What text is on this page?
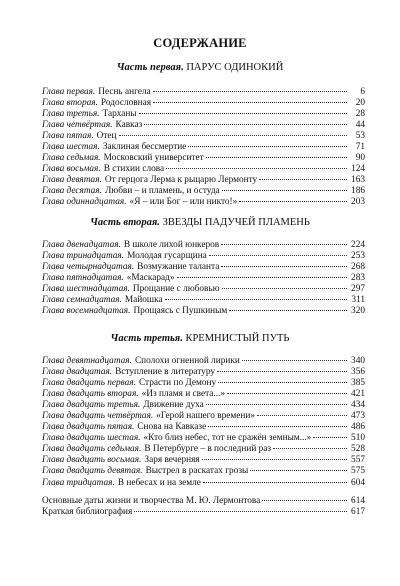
СОДЕРЖАНИЕ
Часть первая. ПАРУС ОДИНОКИЙ
Глава первая. Песнь ангела	6
Глава вторая. Родословная	20
Глава третья. Тарханы	28
Глава четвёртая. Кавказ	44
Глава пятая. Отец	53
Глава шестая. Заклиная бессмертие	71
Глава седьмая. Московский университет	90
Глава восьмая. В стихии слова	124
Глава девятая. От герцога Лерма к рыцарю Лермонту	163
Глава десятая. Любви – и пламень, и остуда	186
Глава одиннадцатая. «Я – или Бог – или никто!»	203
Часть вторая. ЗВЕЗДЫ ПАДУЧЕЙ ПЛАМЕНЬ
Глава двенадцатая. В школе лихой юнкеров	224
Глава тринадцатая. Молодая гусарщина	253
Глава четырнадцатая. Возмужание таланта	268
Глава пятнадцатая. «Маскарад»	283
Глава шестнадцатая. Прощание с любовью	297
Глава семнадцатая. Майошка	311
Глава восемнадцатая. Прощаясь с Пушкиным	320
Часть третья. КРЕМНИСТЫЙ ПУТЬ
Глава девятнадцатая. Сполохи огненной лирики	340
Глава двадцатая. Вступление в литературу	356
Глава двадцать первая. Страсти по Демону	385
Глава двадцать вторая. «Из пламя и света...»	421
Глава двадцать третья. Движение духа	434
Глава двадцать четвёртая. «Герой нашего времени»	473
Глава двадцать пятая. Снова на Кавказе	486
Глава двадцать шестая. «Кто близ небес, тот не сражён земным...»	510
Глава двадцать седьмая. В Петербурге – в последний раз	528
Глава двадцать восьмая. Заря вечерняя	557
Глава двадцать девятая. Выстрел в раскатах грозы	575
Глава тридцатая. В небесах и на земле	604
Основные даты жизни и творчества М. Ю. Лермонтова	614
Краткая библиография	617
